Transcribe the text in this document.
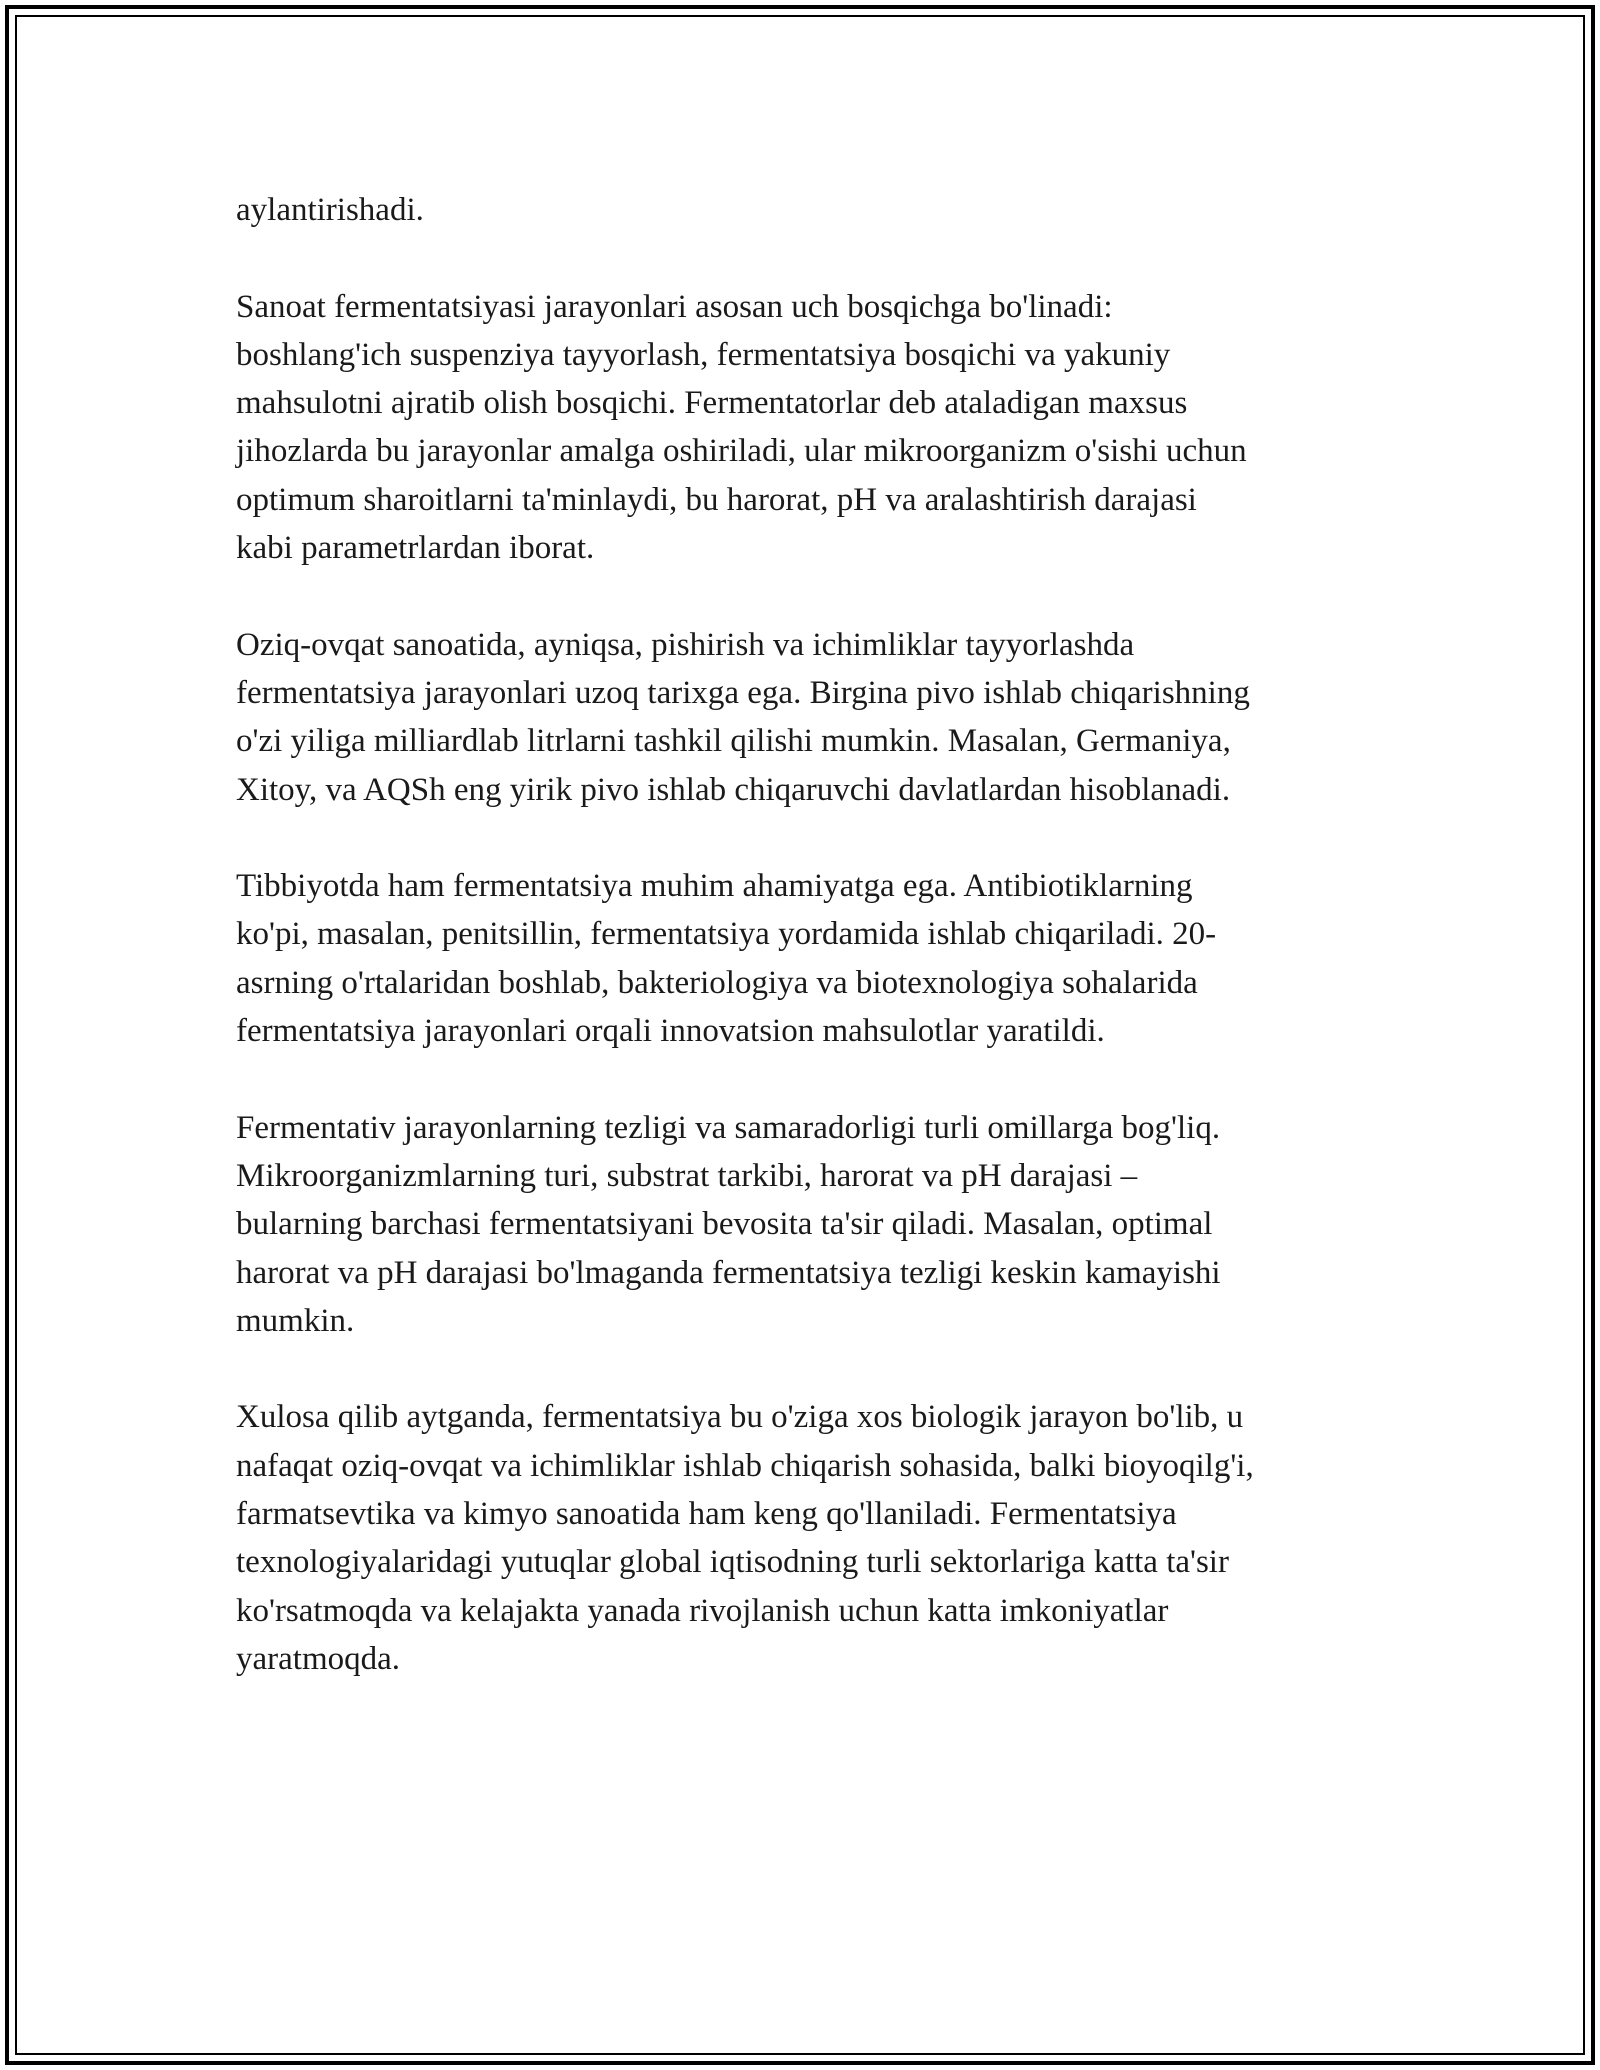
aylantirishadi.

Sanoat fermentatsiyasi jarayonlari asosan uch bosqichga bo'linadi:
boshlang'ich suspenziya tayyorlash, fermentatsiya bosqichi va yakuniy
mahsulotni ajratib olish bosqichi. Fermentatorlar deb ataladigan maxsus
jihozlarda bu jarayonlar amalga oshiriladi, ular mikroorganizm o'sishi uchun
optimum sharoitlarni ta'minlaydi, bu harorat, pH va aralashtirish darajasi
kabi parametrlardan iborat.

Oziq-ovqat sanoatida, ayniqsa, pishirish va ichimliklar tayyorlashda
fermentatsiya jarayonlari uzoq tarixga ega. Birgina pivo ishlab chiqarishning
o'zi yiliga milliardlab litrlarni tashkil qilishi mumkin. Masalan, Germaniya,
Xitoy, va AQSh eng yirik pivo ishlab chiqaruvchi davlatlardan hisoblanadi.

Tibbiyotda ham fermentatsiya muhim ahamiyatga ega. Antibiotiklarning
ko'pi, masalan, penitsillin, fermentatsiya yordamida ishlab chiqariladi. 20-
asrning o'rtalaridan boshlab, bakteriologiya va biotexnologiya sohalarida
fermentatsiya jarayonlari orqali innovatsion mahsulotlar yaratildi.

Fermentativ jarayonlarning tezligi va samaradorligi turli omillarga bog'liq.
Mikroorganizmlarning turi, substrat tarkibi, harorat va pH darajasi –
bularning barchasi fermentatsiyani bevosita ta'sir qiladi. Masalan, optimal
harorat va pH darajasi bo'lmaganda fermentatsiya tezligi keskin kamayishi
mumkin.

Xulosa qilib aytganda, fermentatsiya bu o'ziga xos biologik jarayon bo'lib, u
nafaqat oziq-ovqat va ichimliklar ishlab chiqarish sohasida, balki bioyoqilg'i,
farmatsevtika va kimyo sanoatida ham keng qo'llaniladi. Fermentatsiya
texnologiyalaridagi yutuqlar global iqtisodning turli sektorlariga katta ta'sir
ko'rsatmoqda va kelajakta yanada rivojlanish uchun katta imkoniyatlar
yaratmoqda.
